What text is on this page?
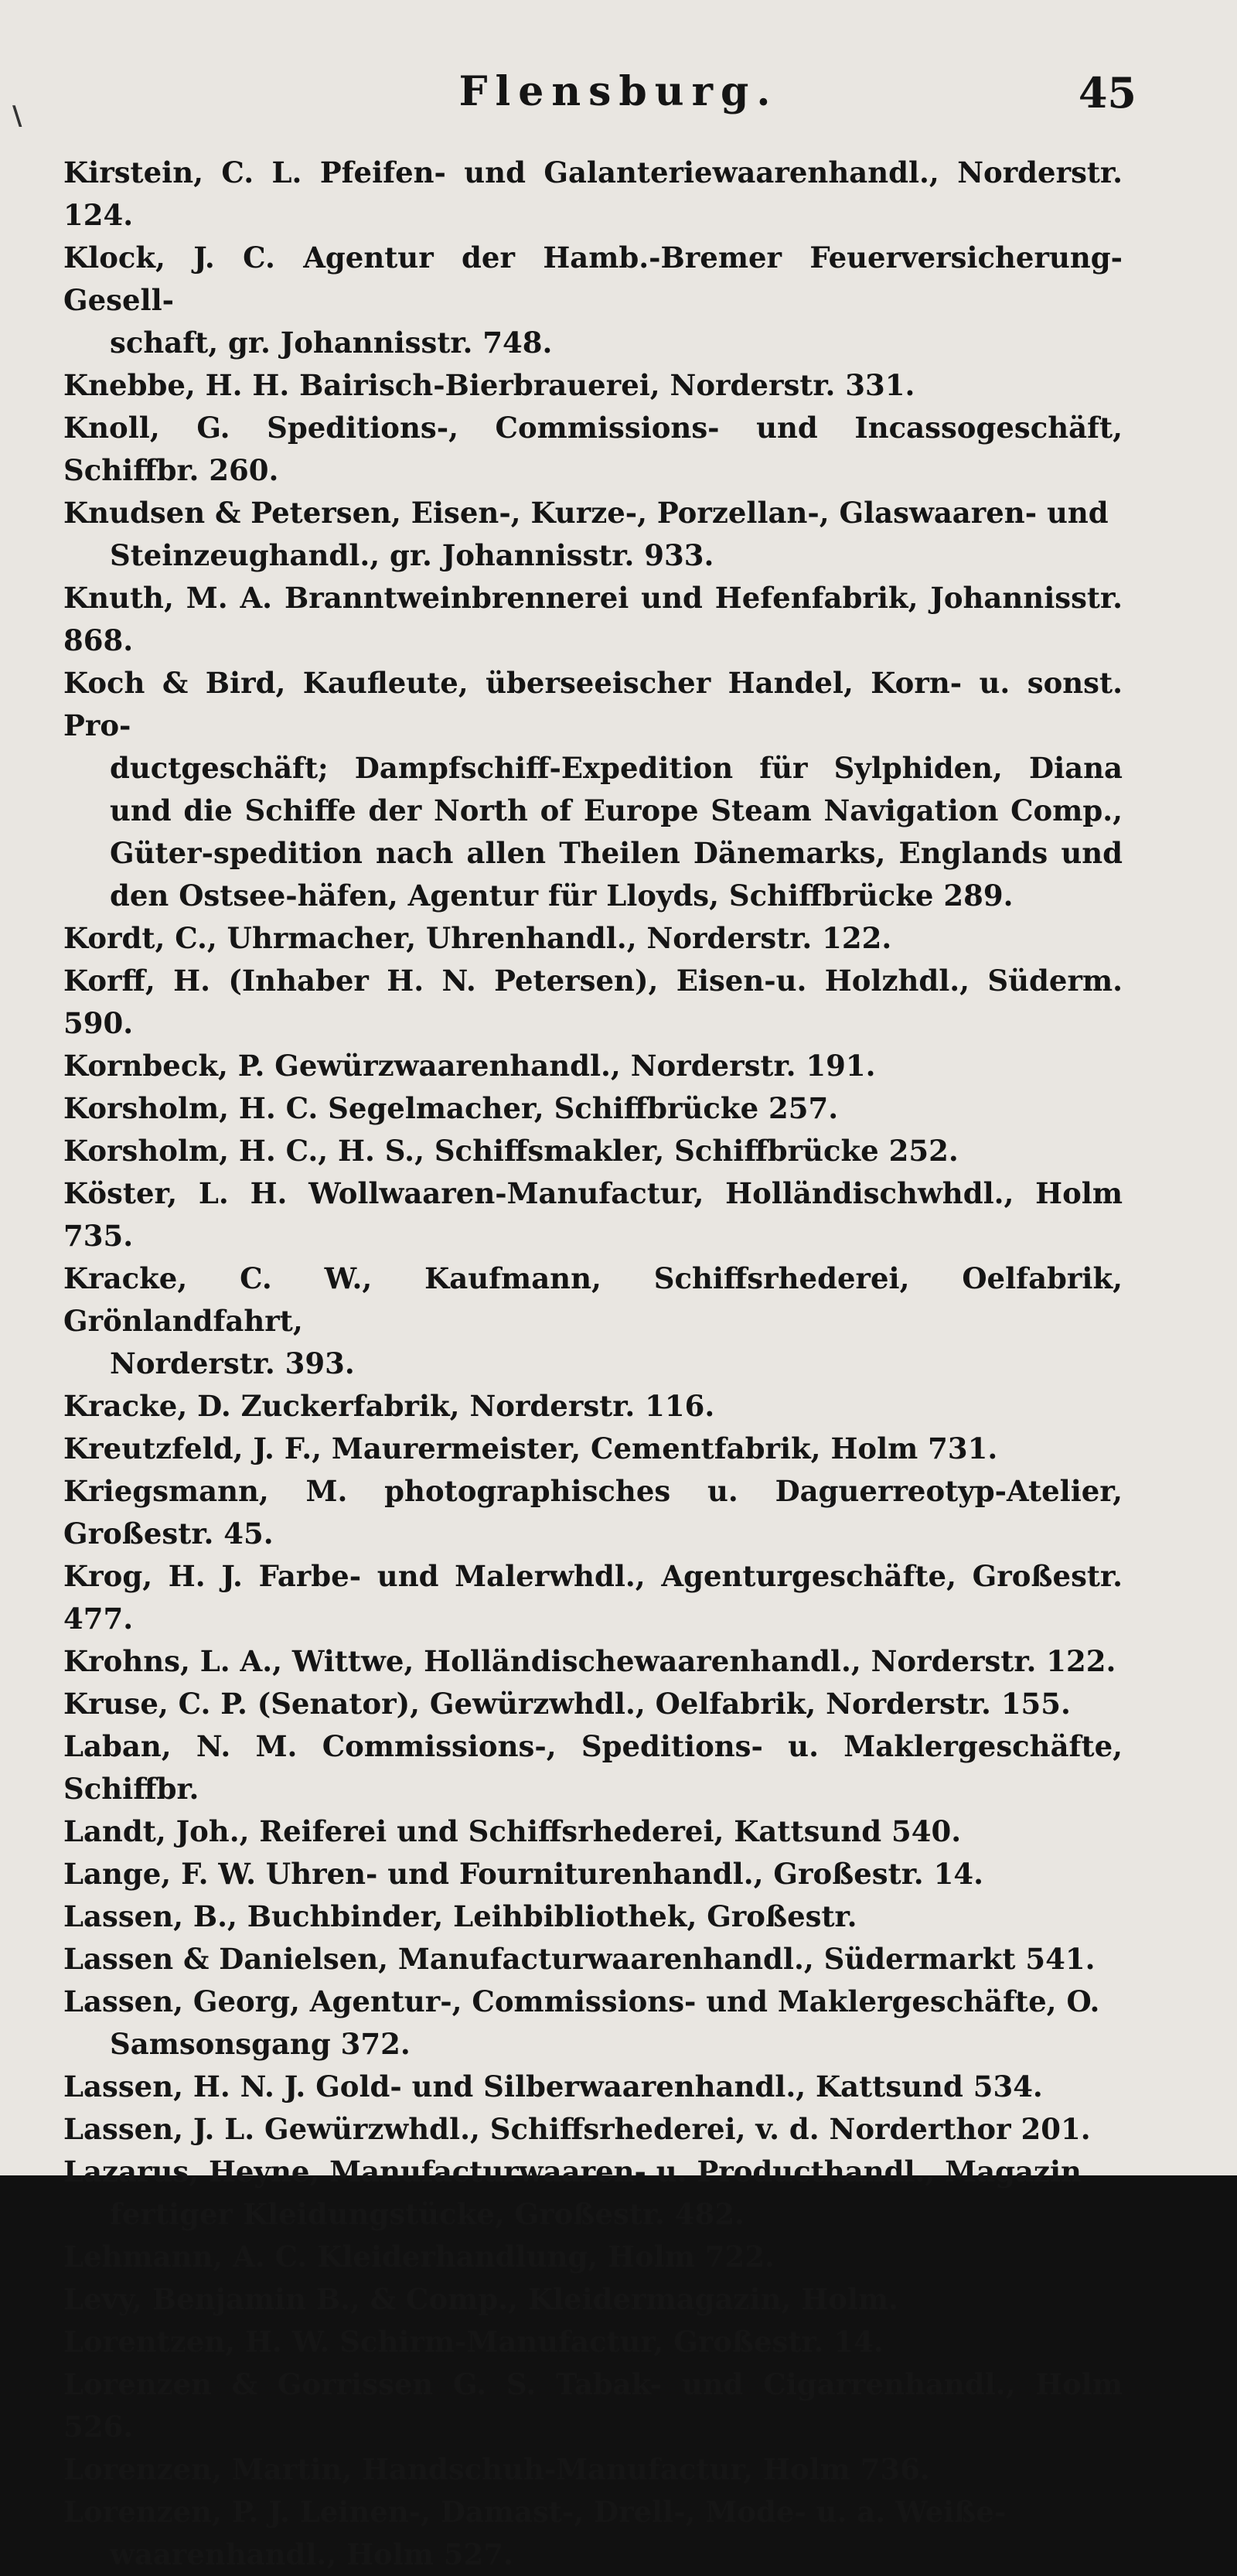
\
Flensburg.	45
Kirstein, C. L. Pfeifen- und Galanteriewaarenhandl., Norderstr. 124.
Klock, J. C. Agentur der Hamb.-Bremer Feuerversicherung-Gesell-
schaft, gr. Johannisstr. 748.
Knebbe, H. H. Bairisch-Bierbrauerei, Norderstr. 331.
Knoll, G. Speditions-, Commissions- und Incassogeschäft, Schiffbr. 260.
Knudsen & Petersen, Eisen-, Kurze-, Porzellan-, Glaswaaren- und
Steinzeughandl., gr. Johannisstr. 933.
Knuth, M. A. Branntweinbrennerei und Hefenfabrik, Johannisstr. 868.
Koch & Bird, Kaufleute, überseeischer Handel, Korn- u. sonst. Pro-
ductgeschäft; Dampfschiff-Expedition für Sylphiden, Diana und die Schiffe der North of Europe Steam Navigation Comp., Güter-spedition nach allen Theilen Dänemarks, Englands und den Ostsee-häfen, Agentur für Lloyds, Schiffbrücke 289.
Kordt, C., Uhrmacher, Uhrenhandl., Norderstr. 122.
Korff, H. (Inhaber H. N. Petersen), Eisen-u. Holzhdl., Süderm. 590.
Kornbeck, P. Gewürzwaarenhandl., Norderstr. 191.
Korsholm, H. C. Segelmacher, Schiffbrücke 257.
Korsholm, H. C., H. S., Schiffsmakler, Schiffbrücke 252.
Köster, L. H. Wollwaaren-Manufactur, Holländischwhdl., Holm 735.
Kracke, C. W., Kaufmann, Schiffsrhederei, Oelfabrik, Grönlandfahrt,
Norderstr. 393.
Kracke, D. Zuckerfabrik, Norderstr. 116.
Kreutzfeld, J. F., Maurermeister, Cementfabrik, Holm 731.
Kriegsmann, M. photographisches u. Daguerreotyp-Atelier, Großestr. 45.
Krog, H. J. Farbe- und Malerwhdl., Agenturgeschäfte, Großestr. 477.
Krohns, L. A., Wittwe, Holländischewaarenhandl., Norderstr. 122.
Kruse, C. P. (Senator), Gewürzwhdl., Oelfabrik, Norderstr. 155.
Laban, N. M. Commissions-, Speditions- u. Maklergeschäfte, Schiffbr.
Landt, Joh., Reiferei und Schiffsrhederei, Kattsund 540.
Lange, F. W. Uhren- und Fourniturenhandl., Großestr. 14.
Lassen, B., Buchbinder, Leihbibliothek, Großestr.
Lassen & Danielsen, Manufacturwaarenhandl., Südermarkt 541.
Lassen, Georg, Agentur-, Commissions- und Maklergeschäfte, O.
Samsonsgang 372.
Lassen, H. N. J. Gold- und Silberwaarenhandl., Kattsund 534.
Lassen, J. L. Gewürzwhdl., Schiffsrhederei, v. d. Norderthor 201.
Lazarus, Heyne, Manufacturwaaren- u. Producthandl., Magazin
fertiger Kleidungstücke, Großestr. 482.
Lehmann, A. C. Kleiderhandlung, Holm 722.
Levy, Benjamin B., & Comp., Kleidermagazin, Holm.
Lorentzen, H. W. Schirm-Manufactur, Großestr. 14.
Lorenzen & Gorrissen G. S. Tabak- und Cigarrenhandl., Holm 526.
Lorenzen, Martin, Handschuh-Manufactur, Holm 736.
Lorenzen, P. J. Leinen-, Damast-, Drell-, Mode- u. a. Weiße-
waarenhandl., Holm 527.
